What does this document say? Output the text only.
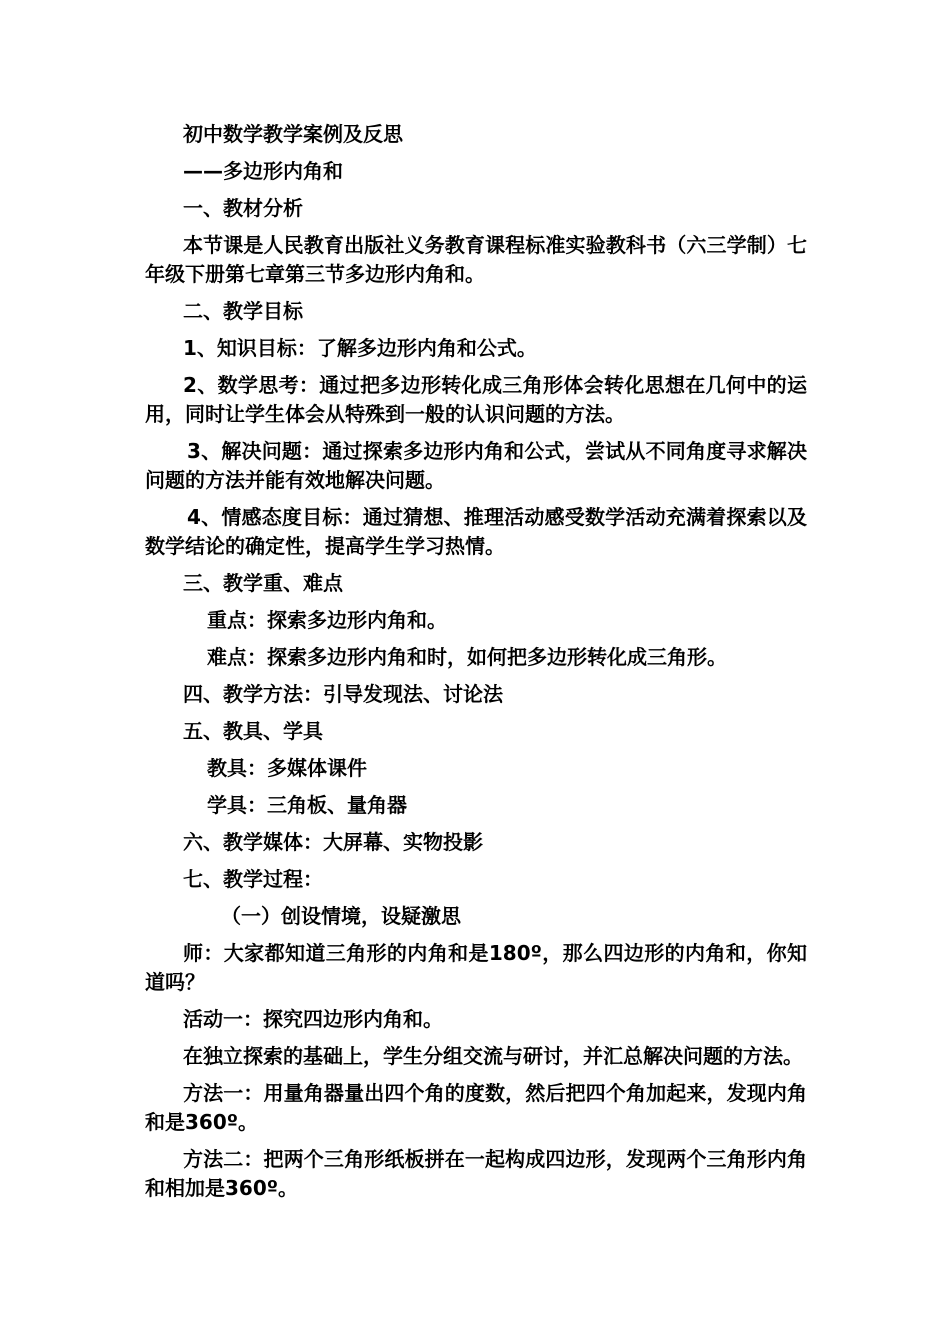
初中数学教学案例及反思

——多边形内角和

一、教材分析

本节课是人民教育出版社义务教育课程标准实验教科书（六三学制）七年级下册第七章第三节多边形内角和。

二、教学目标

1、知识目标：了解多边形内角和公式。

2、数学思考：通过把多边形转化成三角形体会转化思想在几何中的运用，同时让学生体会从特殊到一般的认识问题的方法。

3、解决问题：通过探索多边形内角和公式，尝试从不同角度寻求解决问题的方法并能有效地解决问题。

4、情感态度目标：通过猜想、推理活动感受数学活动充满着探索以及数学结论的确定性，提高学生学习热情。

三、教学重、难点

重点：探索多边形内角和。

难点：探索多边形内角和时，如何把多边形转化成三角形。

四、教学方法：引导发现法、讨论法

五、教具、学具

教具：多媒体课件

学具：三角板、量角器

六、教学媒体：大屏幕、实物投影

七、教学过程：

（一）创设情境，设疑激思

师：大家都知道三角形的内角和是180º，那么四边形的内角和，你知道吗？

活动一：探究四边形内角和。

在独立探索的基础上，学生分组交流与研讨，并汇总解决问题的方法。

方法一：用量角器量出四个角的度数，然后把四个角加起来，发现内角和是360º。

方法二：把两个三角形纸板拼在一起构成四边形，发现两个三角形内角和相加是360º。
